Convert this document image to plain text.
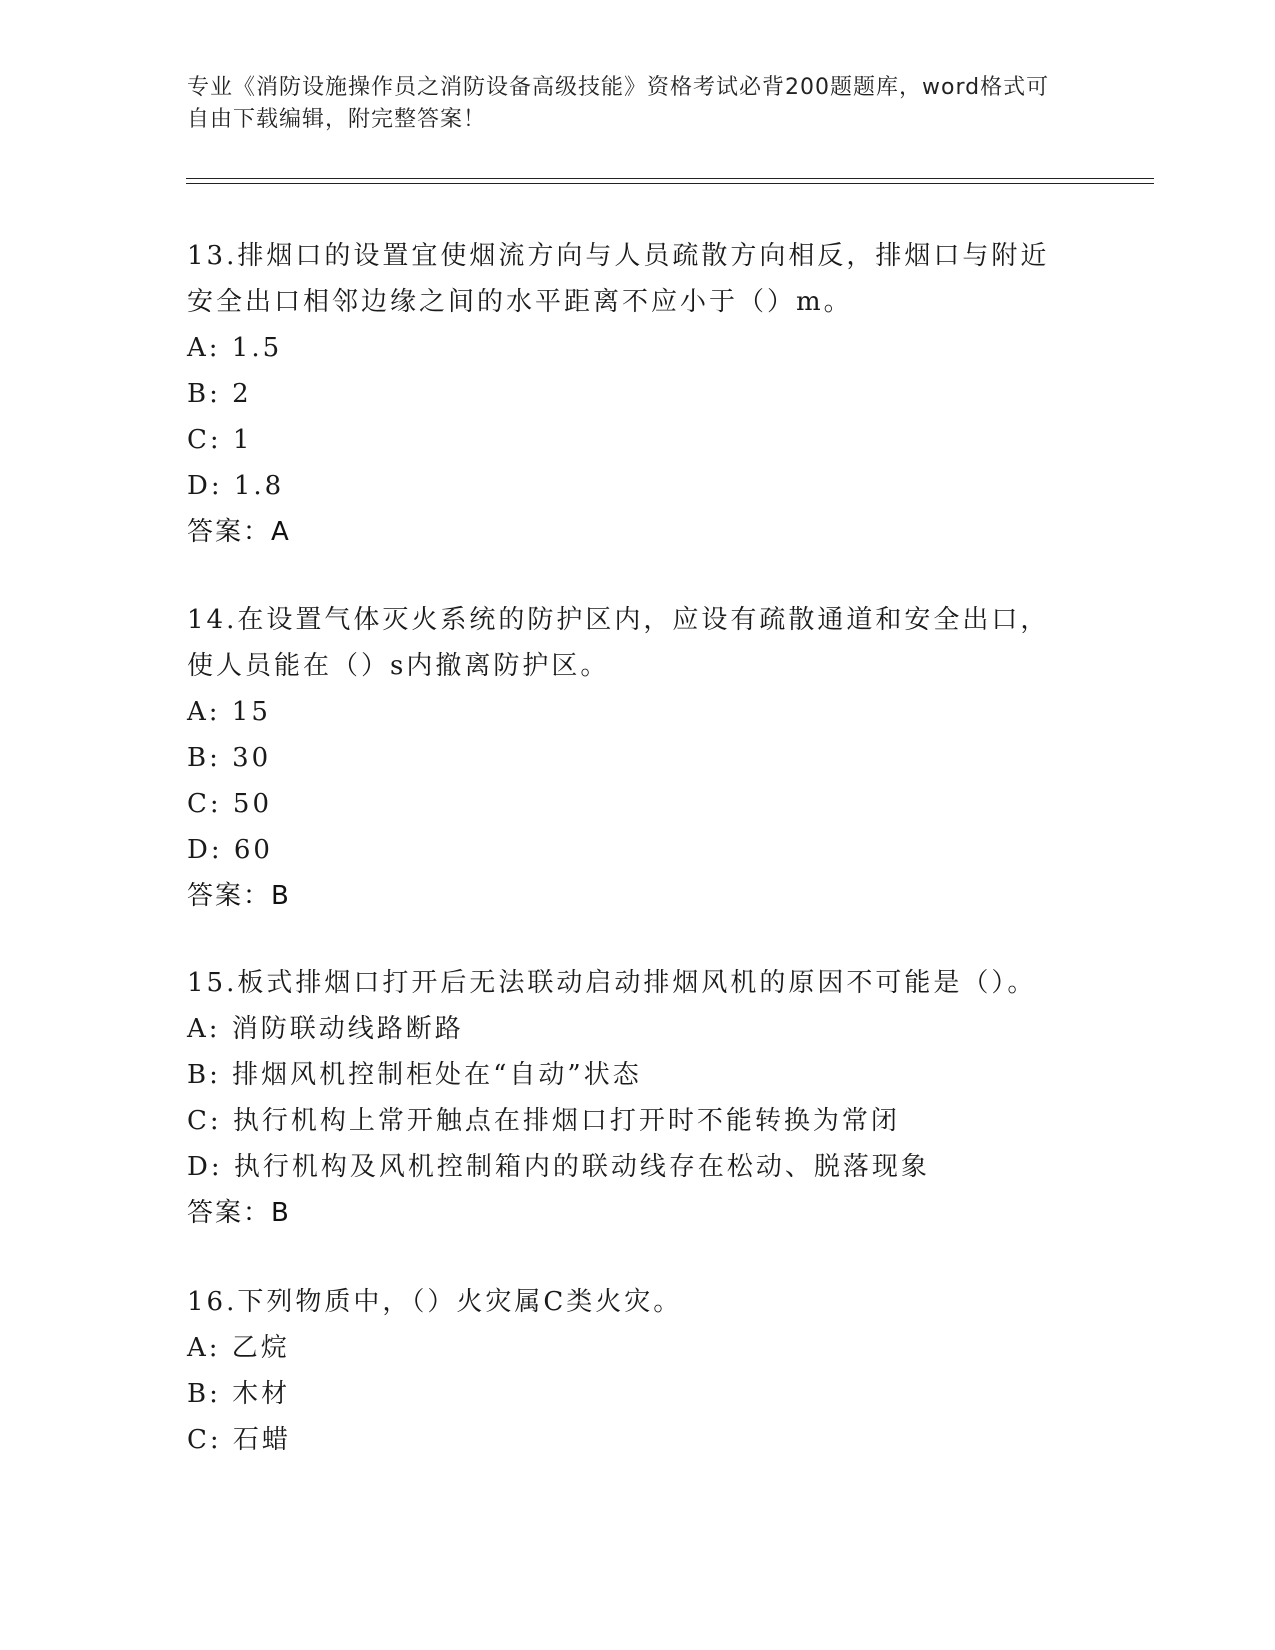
专业《消防设施操作员之消防设备高级技能》资格考试必背200题题库，word格式可自由下载编辑，附完整答案！

13.排烟口的设置宜使烟流方向与人员疏散方向相反，排烟口与附近安全出口相邻边缘之间的水平距离不应小于（）m。

A: 1.5

B: 2

C: 1

D: 1.8

答案：A

14.在设置气体灭火系统的防护区内，应设有疏散通道和安全出口，使人员能在（）s内撤离防护区。

A: 15

B: 30

C: 50

D: 60

答案：B

15.板式排烟口打开后无法联动启动排烟风机的原因不可能是（）。

A: 消防联动线路断路

B: 排烟风机控制柜处在“自动”状态

C: 执行机构上常开触点在排烟口打开时不能转换为常闭

D: 执行机构及风机控制箱内的联动线存在松动、脱落现象

答案：B

16.下列物质中，（）火灾属C类火灾。

A: 乙烷

B: 木材

C: 石蜡
